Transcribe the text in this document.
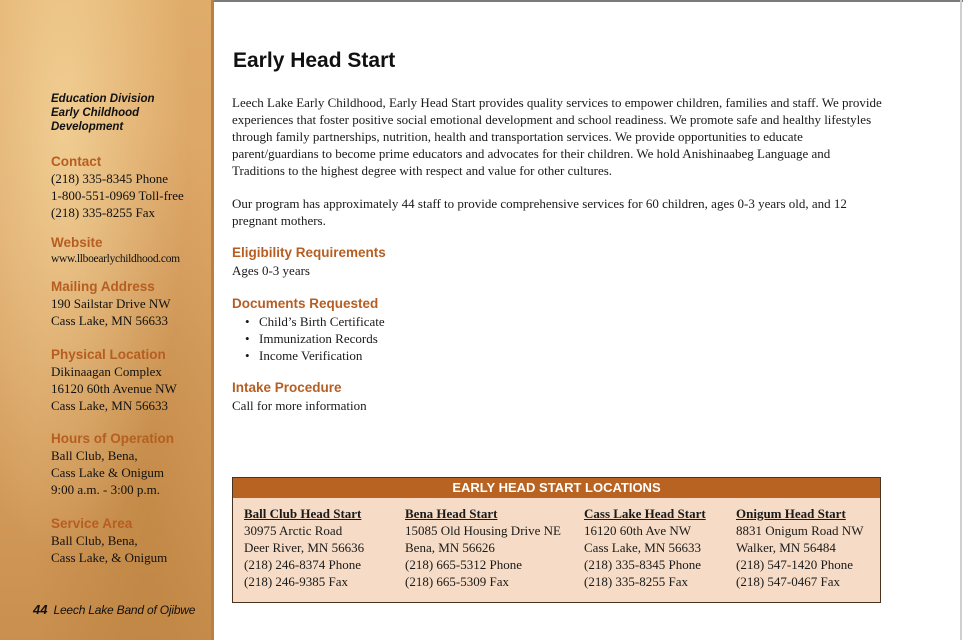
Education Division
Early Childhood
Development
Contact
(218) 335-8345 Phone
1-800-551-0969 Toll-free
(218) 335-8255 Fax
Website
www.llboearlychildhood.com
Mailing Address
190 Sailstar Drive NW
Cass Lake, MN 56633
Physical Location
Dikinaagan Complex
16120 60th Avenue NW
Cass Lake, MN 56633
Hours of Operation
Ball Club, Bena,
Cass Lake & Onigum
9:00 a.m. - 3:00 p.m.
Service Area
Ball Club, Bena,
Cass Lake, & Onigum
44 Leech Lake Band of Ojibwe
Early Head Start
Leech Lake Early Childhood, Early Head Start provides quality services to empower children, families and staff. We provide experiences that foster positive social emotional development and school readiness. We promote safe and healthy lifestyles through family partnerships, nutrition, health and transportation services. We provide opportunities to educate parent/guardians to become prime educators and advocates for their children. We hold Anishinaabeg Language and Traditions to the highest degree with respect and value for other cultures.
Our program has approximately 44 staff to provide comprehensive services for 60 children, ages 0-3 years old, and 12 pregnant mothers.
Eligibility Requirements
Ages 0-3 years
Documents Requested
• Child’s Birth Certificate
• Immunization Records
• Income Verification
Intake Procedure
Call for more information
EARLY HEAD START LOCATIONS
Ball Club Head Start
30975 Arctic Road
Deer River, MN 56636
(218) 246-8374 Phone
(218) 246-9385 Fax
Bena Head Start
15085 Old Housing Drive NE
Bena, MN 56626
(218) 665-5312 Phone
(218) 665-5309 Fax
Cass Lake Head Start
16120 60th Ave NW
Cass Lake, MN 56633
(218) 335-8345 Phone
(218) 335-8255 Fax
Onigum Head Start
8831 Onigum Road NW
Walker, MN 56484
(218) 547-1420 Phone
(218) 547-0467 Fax
